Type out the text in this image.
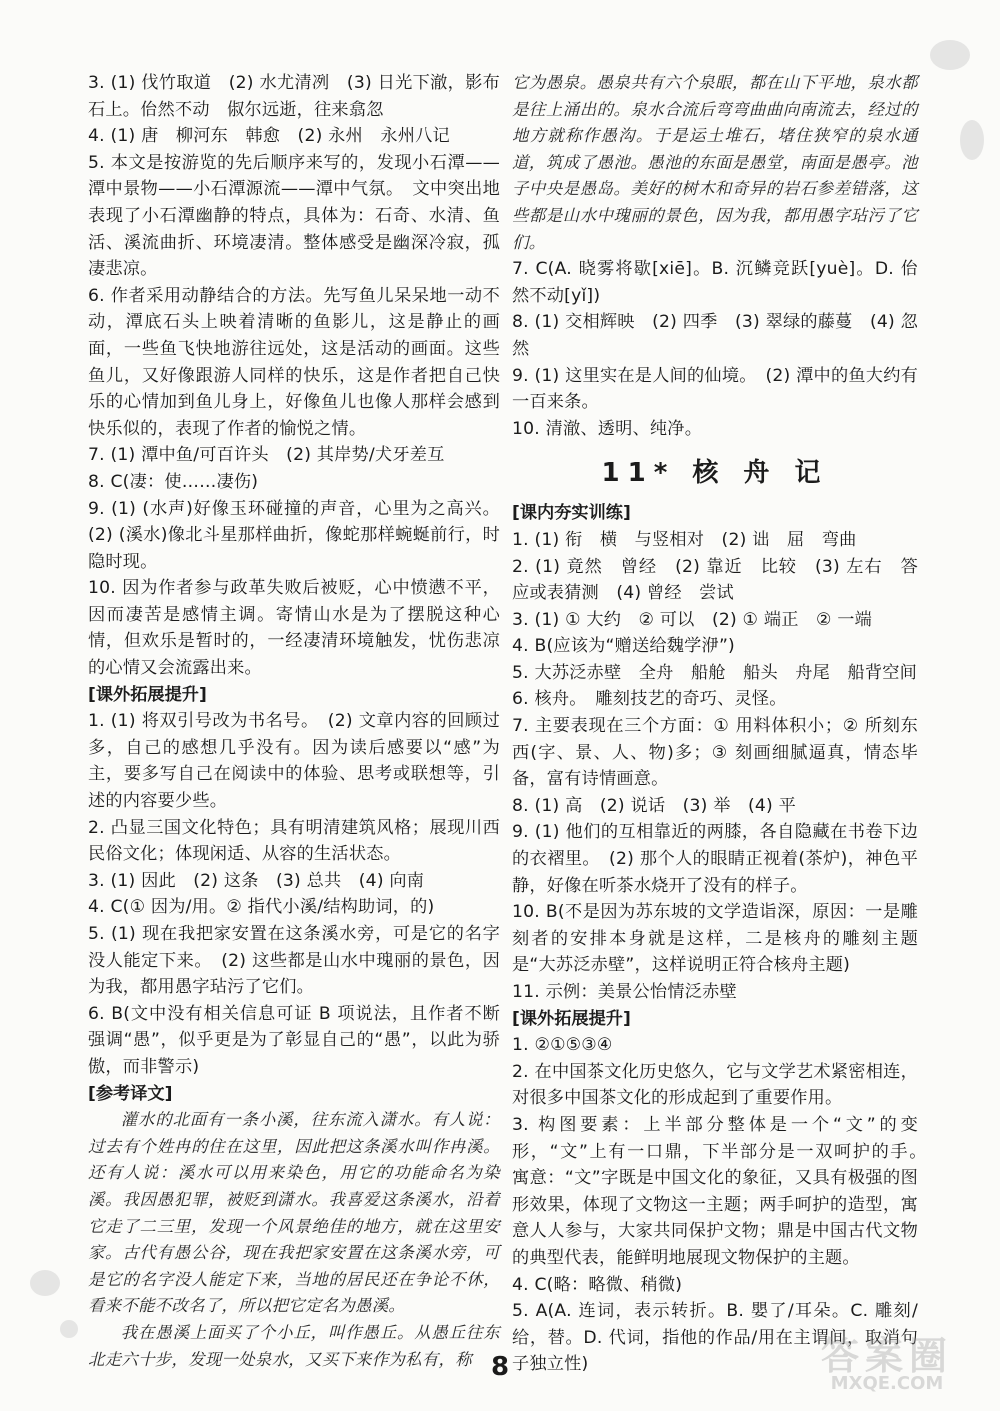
3. (1) 伐竹取道　(2) 水尤清冽　(3) 日光下澈，影布石上。佁然不动　俶尔远逝，往来翕忽

4. (1) 唐　柳河东　韩愈　(2) 永州　永州八记

5. 本文是按游览的先后顺序来写的，发现小石潭——潭中景物——小石潭源流——潭中气氛。　文中突出地表现了小石潭幽静的特点，具体为：石奇、水清、鱼活、溪流曲折、环境凄清。整体感受是幽深冷寂，孤凄悲凉。

6. 作者采用动静结合的方法。先写鱼儿呆呆地一动不动，潭底石头上映着清晰的鱼影儿，这是静止的画面，一些鱼飞快地游往远处，这是活动的画面。这些鱼儿，又好像跟游人同样的快乐，这是作者把自己快乐的心情加到鱼儿身上，好像鱼儿也像人那样会感到快乐似的，表现了作者的愉悦之情。

7. (1) 潭中鱼/可百许头　(2) 其岸势/犬牙差互

8. C(凄：使……凄伤)

9. (1) (水声)好像玉环碰撞的声音，心里为之高兴。(2) (溪水)像北斗星那样曲折，像蛇那样蜿蜒前行，时隐时现。

10. 因为作者参与政革失败后被贬，心中愤懑不平，因而凄苦是感情主调。寄情山水是为了摆脱这种心情，但欢乐是暂时的，一经凄清环境触发，忧伤悲凉的心情又会流露出来。

[课外拓展提升]

1. (1) 将双引号改为书名号。　(2) 文章内容的回顾过多，自己的感想几乎没有。因为读后感要以“感”为主，要多写自己在阅读中的体验、思考或联想等，引述的内容要少些。

2. 凸显三国文化特色；具有明清建筑风格；展现川西民俗文化；体现闲适、从容的生活状态。

3. (1) 因此　(2) 这条　(3) 总共　(4) 向南

4. C(① 因为/用。② 指代小溪/结构助词，的)

5. (1) 现在我把家安置在这条溪水旁，可是它的名字没人能定下来。　(2) 这些都是山水中瑰丽的景色，因为我，都用愚字玷污了它们。

6. B(文中没有相关信息可证 B 项说法，且作者不断强调“愚”，似乎更是为了彰显自己的“愚”，以此为骄傲，而非警示)

[参考译文]

灌水的北面有一条小溪，往东流入潇水。有人说：过去有个姓冉的住在这里，因此把这条溪水叫作冉溪。还有人说：溪水可以用来染色，用它的功能命名为染溪。我因愚犯罪，被贬到潇水。我喜爱这条溪水，沿着它走了二三里，发现一个风景绝佳的地方，就在这里安家。古代有愚公谷，现在我把家安置在这条溪水旁，可是它的名字没人能定下来，当地的居民还在争论不休，看来不能不改名了，所以把它定名为愚溪。

我在愚溪上面买了个小丘，叫作愚丘。从愚丘往东北走六十步，发现一处泉水，又买下来作为私有，称

它为愚泉。愚泉共有六个泉眼，都在山下平地，泉水都是往上涌出的。泉水合流后弯弯曲曲向南流去，经过的地方就称作愚沟。于是运土堆石，堵住狭窄的泉水通道，筑成了愚池。愚池的东面是愚堂，南面是愚亭。池子中央是愚岛。美好的树木和奇异的岩石参差错落，这些都是山水中瑰丽的景色，因为我，都用愚字玷污了它们。

7. C(A. 晓雾将歇[xiē]。B. 沉鳞竞跃[yuè]。D. 佁然不动[yǐ])

8. (1) 交相辉映　(2) 四季　(3) 翠绿的藤蔓　(4) 忽然

9. (1) 这里实在是人间的仙境。　(2) 潭中的鱼大约有一百来条。

10. 清澈、透明、纯净。

11* 核 舟 记

[课内夯实训练]

1. (1) 衔　横　与竖相对　(2) 诎　屈　弯曲

2. (1) 竟然　曾经　(2) 靠近　比较　(3) 左右　答应或表猜测　(4) 曾经　尝试

3. (1) ① 大约　② 可以　(2) ① 端正　② 一端

4. B(应该为“赠送给魏学洢”)

5. 大苏泛赤壁　全舟　船舱　船头　舟尾　船背空间

6. 核舟。　雕刻技艺的奇巧、灵怪。

7. 主要表现在三个方面：① 用料体积小；② 所刻东西(字、景、人、物)多；③ 刻画细腻逼真，情态毕备，富有诗情画意。

8. (1) 高　(2) 说话　(3) 举　(4) 平

9. (1) 他们的互相靠近的两膝，各自隐藏在书卷下边的衣褶里。　(2) 那个人的眼睛正视着(茶炉)，神色平静，好像在听茶水烧开了没有的样子。

10. B(不是因为苏东坡的文学造诣深，原因：一是雕刻者的安排本身就是这样，二是核舟的雕刻主题是“大苏泛赤壁”，这样说明正符合核舟主题)

11. 示例：美景公怡情泛赤壁

[课外拓展提升]

1. ②①⑤③④

2. 在中国茶文化历史悠久，它与文学艺术紧密相连，对很多中国茶文化的形成起到了重要作用。

3. 构图要素：上半部分整体是一个“文”的变形，“文”上有一口鼎，下半部分是一双呵护的手。　寓意：“文”字既是中国文化的象征，又具有极强的图形效果，体现了文物这一主题；两手呵护的造型，寓意人人参与，大家共同保护文物；鼎是中国古代文物的典型代表，能鲜明地展现文物保护的主题。

4. C(略：略微、稍微)

5. A(A. 连词，表示转折。B. 嬰了/耳朵。C. 雕刻/给，替。D. 代词，指他的作品/用在主谓间，取消句子独立性)

8	答案圈
MXQE.COM
